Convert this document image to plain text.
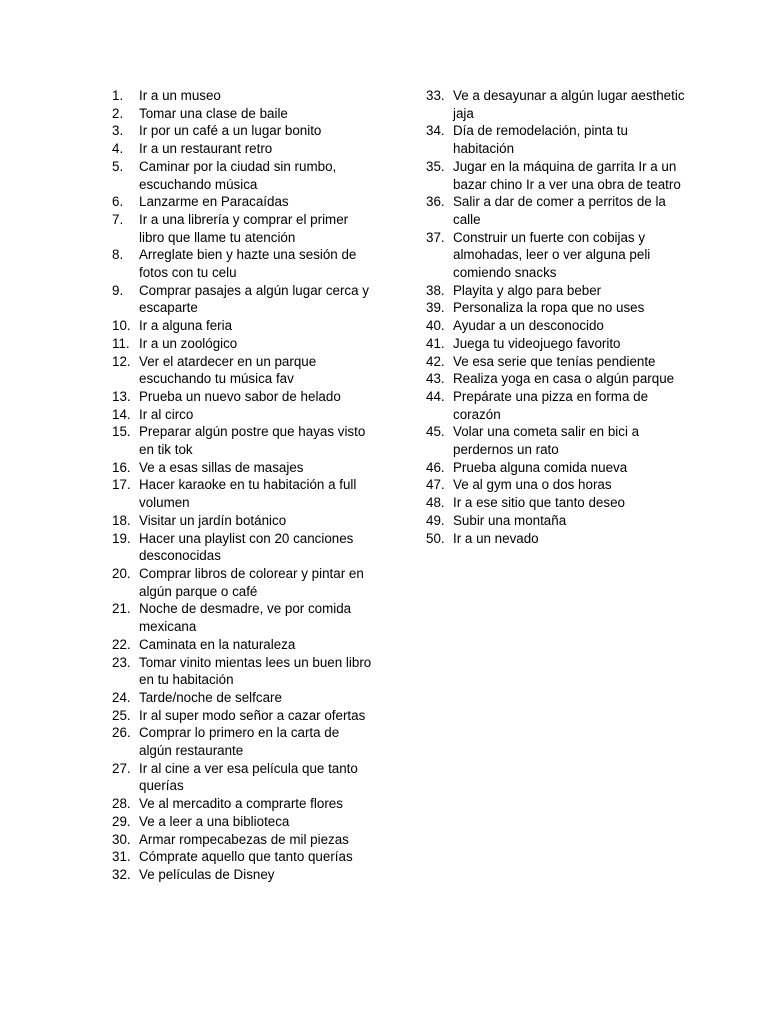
1.	Ir a un museo
2.	Tomar una clase de baile
3.	Ir por un café a un lugar bonito
4.	Ir a un restaurant retro
5.	Caminar por la ciudad sin rumbo, escuchando música
6.	Lanzarme en Paracaídas
7.	Ir a una librería y comprar el primer libro que llame tu atención
8.	Arreglate bien y hazte una sesión de fotos con tu celu
9.	Comprar pasajes a algún lugar cerca y escaparte
10. Ir a alguna feria
11. Ir a un zoológico
12. Ver el atardecer en un parque escuchando tu música fav
13. Prueba un nuevo sabor de helado
14. Ir al circo
15. Preparar algún postre que hayas visto en tik tok
16. Ve a esas sillas de masajes
17. Hacer karaoke en tu habitación a full volumen
18. Visitar un jardín botánico
19. Hacer una playlist con 20 canciones desconocidas
20. Comprar libros de colorear y pintar en algún parque o café
21. Noche de desmadre, ve por comida mexicana
22. Caminata en la naturaleza
23. Tomar vinito mientas lees un buen libro en tu habitación
24. Tarde/noche de selfcare
25. Ir al super modo señor a cazar ofertas
26. Comprar lo primero en la carta de algún restaurante
27. Ir al cine a ver esa película que tanto querías
28. Ve al mercadito a comprarte flores
29. Ve a leer a una biblioteca
30. Armar rompecabezas de mil piezas
31. Cómprate aquello que tanto querías
32. Ve películas de Disney
33. Ve a desayunar a algún lugar aesthetic jaja
34. Día de remodelación, pinta tu habitación
35. Jugar en la máquina de garrita Ir a un bazar chino Ir a ver una obra de teatro
36. Salir a dar de comer a perritos de la calle
37. Construir un fuerte con cobijas y almohadas, leer o ver alguna peli comiendo snacks
38. Playita y algo para beber
39. Personaliza la ropa que no uses
40. Ayudar a un desconocido
41. Juega tu videojuego favorito
42. Ve esa serie que tenías pendiente
43. Realiza yoga en casa o algún parque
44. Prepárate una pizza en forma de corazón
45. Volar una cometa salir en bici a perdernos un rato
46. Prueba alguna comida nueva
47. Ve al gym una o dos horas
48. Ir a ese sitio que tanto deseo
49. Subir una montaña
50. Ir a un nevado
